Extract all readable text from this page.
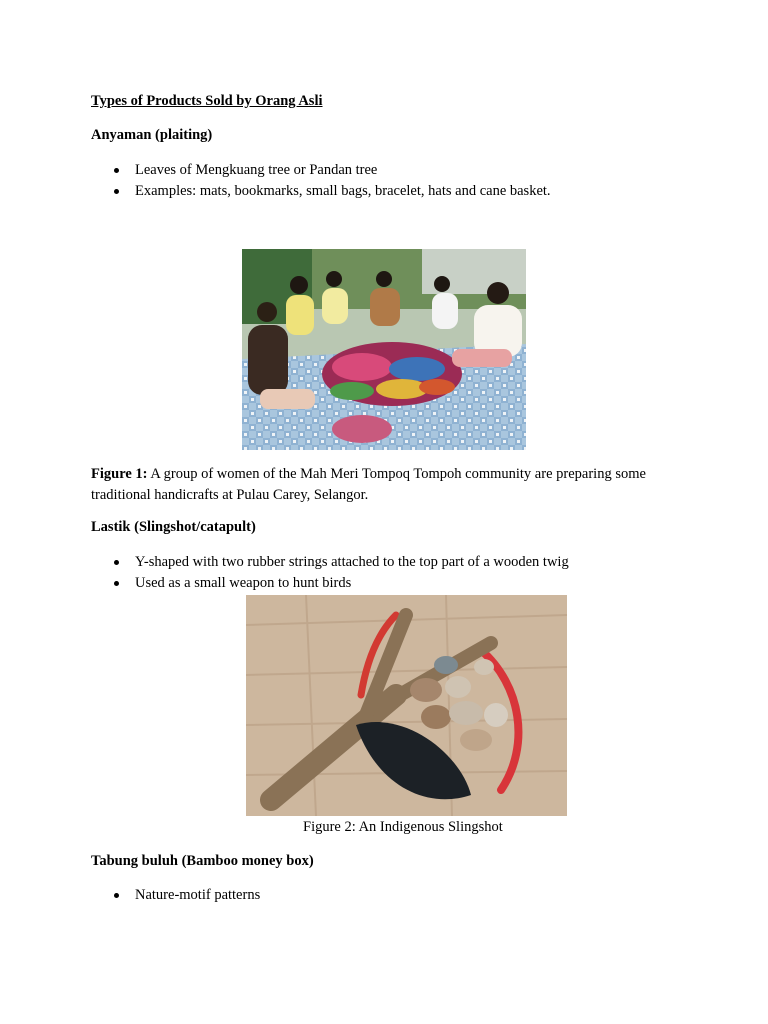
Types of Products Sold by Orang Asli

Anyaman (plaiting)

Leaves of Mengkuang tree or Pandan tree
Examples: mats, bookmarks, small bags, bracelet, hats and cane basket.

Figure 1: A group of women of the Mah Meri Tompoq Tompoh community are preparing some traditional handicrafts at Pulau Carey, Selangor.

Lastik (Slingshot/catapult)

Y-shaped with two rubber strings attached to the top part of a wooden twig
Used as a small weapon to hunt birds

Figure 2: An Indigenous Slingshot

Tabung buluh (Bamboo money box)

Nature-motif patterns
